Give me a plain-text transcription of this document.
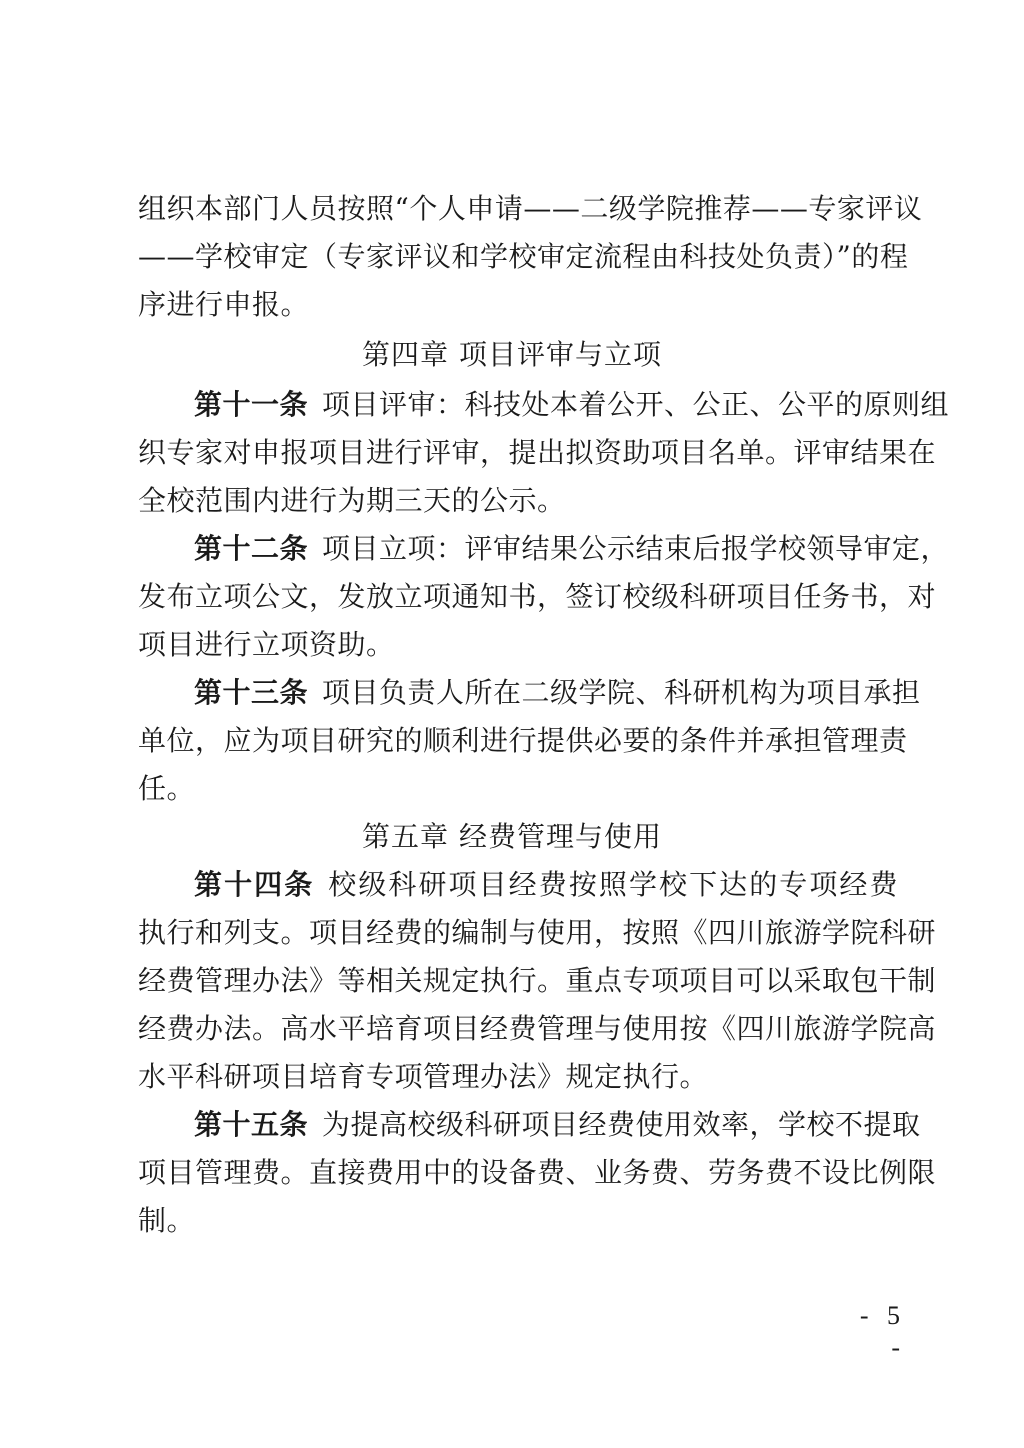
组织本部门人员按照“个人申请——二级学院推荐——专家评议
——学校审定（专家评议和学校审定流程由科技处负责）”的程
序进行申报。
第四章 项目评审与立项
第十一条 项目评审：科技处本着公开、公正、公平的原则组
织专家对申报项目进行评审，提出拟资助项目名单。评审结果在
全校范围内进行为期三天的公示。
第十二条 项目立项：评审结果公示结束后报学校领导审定，
发布立项公文，发放立项通知书，签订校级科研项目任务书，对
项目进行立项资助。
第十三条 项目负责人所在二级学院、科研机构为项目承担
单位，应为项目研究的顺利进行提供必要的条件并承担管理责
任。
第五章 经费管理与使用
第十四条 校级科研项目经费按照学校下达的专项经费
执行和列支。项目经费的编制与使用，按照《四川旅游学院科研
经费管理办法》等相关规定执行。重点专项项目可以采取包干制
经费办法。高水平培育项目经费管理与使用按《四川旅游学院高
水平科研项目培育专项管理办法》规定执行。
第十五条 为提高校级科研项目经费使用效率，学校不提取
项目管理费。直接费用中的设备费、业务费、劳务费不设比例限
制。
- 5 -
